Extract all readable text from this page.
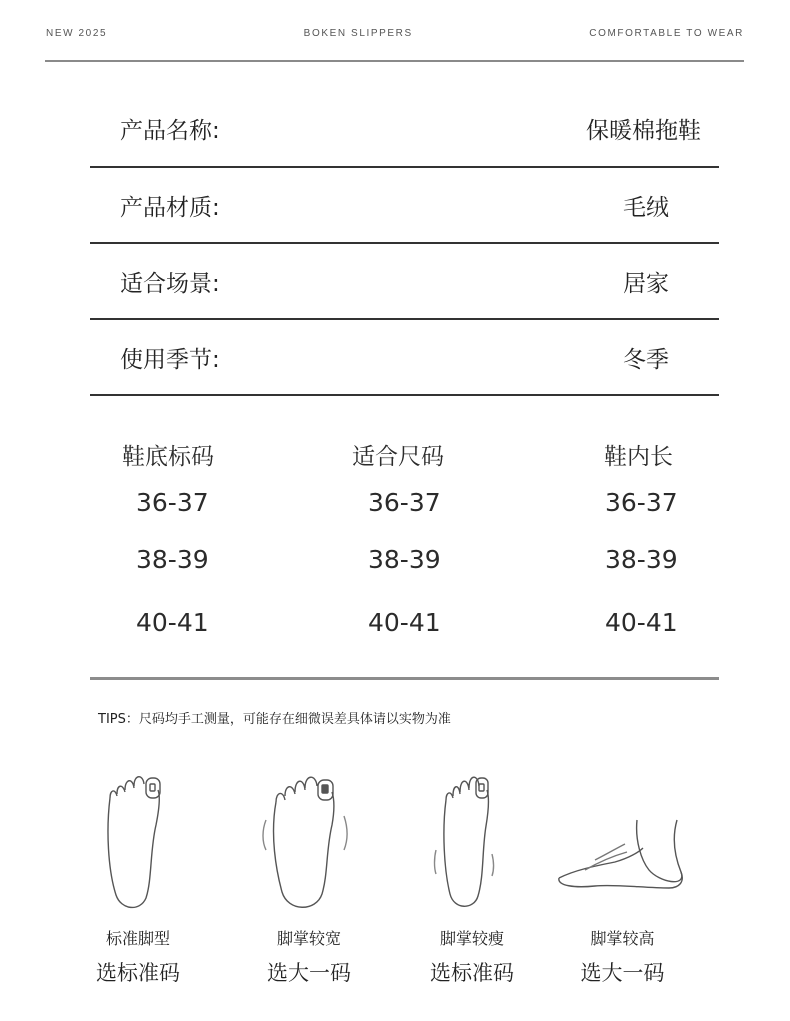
NEW 2025	BOKEN SLIPPERS	COMFORTABLE TO WEAR
产品名称:	保暖棉拖鞋
产品材质:	毛绒
适合场景:	居家
使用季节:	冬季
鞋底标码	适合尺码	鞋内长
36-37	36-37	36-37
38-39	38-39	38-39
40-41	40-41	40-41
TIPS：尺码均手工测量，可能存在细微误差具体请以实物为准
标准脚型
选标准码
脚掌较宽
选大一码
脚掌较瘦
选标准码
脚掌较高
选大一码
